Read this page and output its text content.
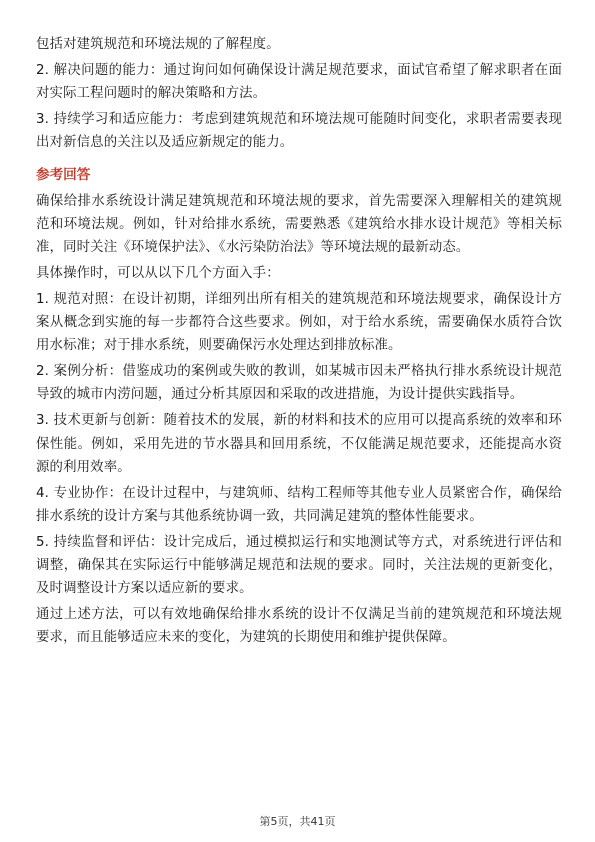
包括对建筑规范和环境法规的了解程度。

2. 解决问题的能力：通过询问如何确保设计满足规范要求，面试官希望了解求职者在面对实际工程问题时的解决策略和方法。

3. 持续学习和适应能力：考虑到建筑规范和环境法规可能随时间变化，求职者需要表现出对新信息的关注以及适应新规定的能力。

参考回答

确保给排水系统设计满足建筑规范和环境法规的要求，首先需要深入理解相关的建筑规范和环境法规。例如，针对给排水系统，需要熟悉《建筑给水排水设计规范》等相关标准，同时关注《环境保护法》、《水污染防治法》等环境法规的最新动态。

具体操作时，可以从以下几个方面入手：

1. 规范对照：在设计初期，详细列出所有相关的建筑规范和环境法规要求，确保设计方案从概念到实施的每一步都符合这些要求。例如，对于给水系统，需要确保水质符合饮用水标准；对于排水系统，则要确保污水处理达到排放标准。

2. 案例分析：借鉴成功的案例或失败的教训，如某城市因未严格执行排水系统设计规范导致的城市内涝问题，通过分析其原因和采取的改进措施，为设计提供实践指导。

3. 技术更新与创新：随着技术的发展，新的材料和技术的应用可以提高系统的效率和环保性能。例如，采用先进的节水器具和回用系统，不仅能满足规范要求，还能提高水资源的利用效率。

4. 专业协作：在设计过程中，与建筑师、结构工程师等其他专业人员紧密合作，确保给排水系统的设计方案与其他系统协调一致，共同满足建筑的整体性能要求。

5. 持续监督和评估：设计完成后，通过模拟运行和实地测试等方式，对系统进行评估和调整，确保其在实际运行中能够满足规范和法规的要求。同时，关注法规的更新变化，及时调整设计方案以适应新的要求。

通过上述方法，可以有效地确保给排水系统的设计不仅满足当前的建筑规范和环境法规要求，而且能够适应未来的变化，为建筑的长期使用和维护提供保障。

第5页，共41页
